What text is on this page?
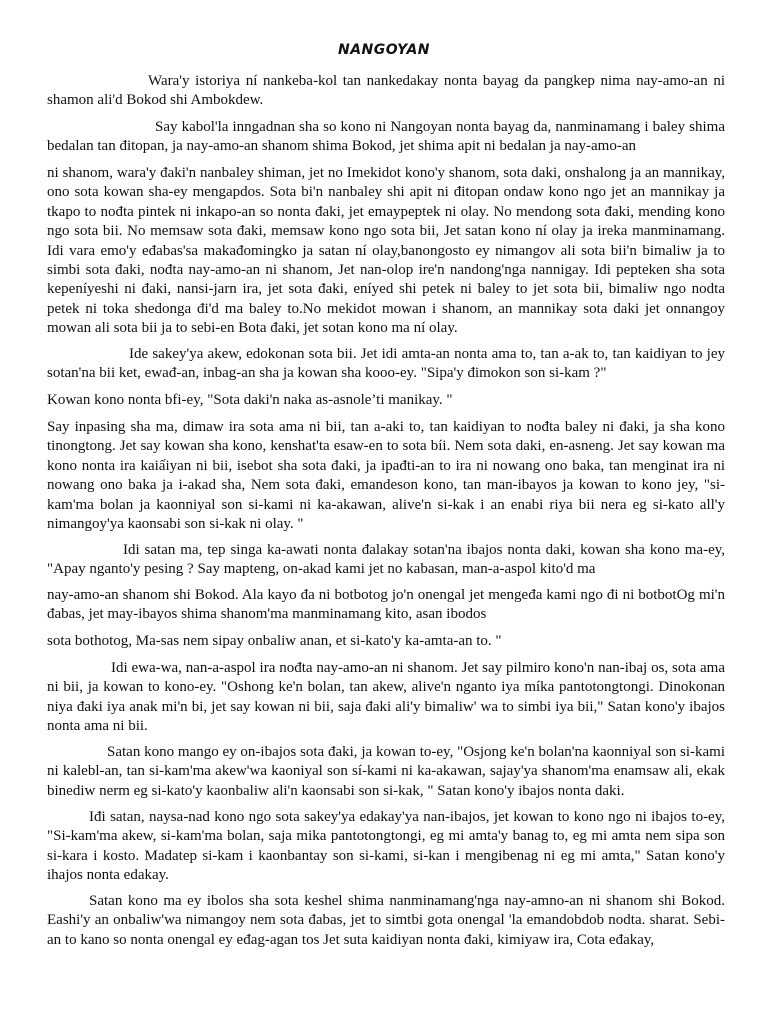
NANGOYAN

Wara'y istoriya ní nankeba-kol tan nankedakay nonta bayag da pangkep nima nay-amo-an ni shamon ali'd Bokod shi Ambokdew.

Say kabol'la inngadnan sha so kono ni Nangoyan nonta bayag da, nanminamang i baley shima bedalan tan đitopan, ja nay-amo-an shanom shima Bokod, jet shima apit ni bedalan ja nay-amo-an

ni shanom, wara'y đaki'n nanbaley shiman, jet no Imekidot kono'y shanom, sota daki, onshalong ja an mannikay, ono sota kowan sha-ey mengapdos. Sota bi'n nanbaley shi apit ni đitopan ondaw kono ngo jet an mannikay ja tkapo to nođta pintek ni inkapo-an so nonta đaki, jet emaypeptek ni olay. No mendong sota đaki, mending kono ngo sota bii. No memsaw sota đaki, memsaw kono ngo sota bii, Jet satan kono ní olay ja ireka manminamang. Idi vara emo'y eđabas'sa makađomingko ja satan ní olay,banongosto ey nimangov ali sota bii'n bimaliw ja to simbi sota đaki, nođta nay-amo-an ni shanom, Jet nan-olop ire'n nandong'nga nannigay. Idi pepteken sha sota kepeníyeshi ni đaki, nansi-jarn ira, jet sota đaki, eníyed shi petek ni baley to jet sota bii, bimaliw ngo nodta petek ni toka shedonga đi'd ma baley to.No mekidot mowan i shanom, an mannikay sota daki jet onnangoy mowan ali sota bii ja to sebi-en Bota đaki, jet sotan kono ma ní olay.

Ide sakey'ya akew, edokonan sota bii. Jet idi amta-an nonta ama to, tan a-ak to, tan kaidiyan to jey sotan'na bii ket, ewađ-an, inbag-an sha ja kowan sha kooo-ey. "Sipa'y đimokon son si-kam ?"

Kowan kono nonta bfi-ey, "Sota daki'n naka as-asnole’ti manikay. "

Say inpasing sha ma, dimaw ira sota ama ni bii, tan a-aki to, tan kaidiyan to nođta baley ni đaki, ja sha kono tinongtong. Jet say kowan sha kono, kenshat'ta esaw-en to sota bíi. Nem sota daki, en-asneng. Jet say kowan ma kono nonta ira kaiấiyan ni bii, isebot sha sota đaki, ja ipađti-an to ira ni nowang ono baka, tan menginat ira ni nowang ono baka ja i-akad sha, Nem sota đaki, emandeson kono, tan man-ibayos ja kowan to kono jey, "si-kam'ma bolan ja kaonniyal son si-kami ni ka-akawan, alive'n si-kak i an enabi riya bii nera eg si-kato all'y nimangoy'ya kaonsabi son si-kak ni olay. "

Idi satan ma, tep singa ka-awati nonta đalakay sotan'na ibajos nonta daki, kowan sha kono ma-ey, "Apay nganto'y pesing ? Say mapteng, on-akad kami jet no kabasan, man-a-aspol kito'd ma

nay-amo-an shanom shi Bokod. Ala kayo đa ni botbotog jo'n onengal jet mengeđa kami ngo đi ni botbotOg mi'n đabas, jet may-ibayos shima shanom'ma manminamang kito, asan ibodos

sota bothotog, Ma-sas nem sipay onbaliw anan, et si-kato'y ka-amta-an to. "

Idi ewa-wa, nan-a-aspol ira nođta nay-amo-an ni shanom. Jet say pilmiro kono'n nan-ibaj os, sota ama ni bii, ja kowan to kono-ey. "Oshong ke'n bolan, tan akew, alive'n nganto iya míka pantotongtongi. Dinokonan niya đaki iya anak mi'n bi, jet say kowan ni bii, saja đaki ali'y bimaliw' wa to simbi iya bii," Satan kono'y ibajos nonta ama ni bii.

Satan kono mango ey on-ibajos sota đaki, ja kowan to-ey, "Osjong ke'n bolan'na kaonniyal son si-kami ni kalebl-an, tan si-kam'ma akew'wa kaoniyal son sí-kami ni ka-akawan, sajay'ya shanom'ma enamsaw ali, ekak binediw nerm eg si-kato'y kaonbaliw ali'n kaonsabi son si-kak, " Satan kono'y ibajos nonta daki.

Iđi satan, naysa-nad kono ngo sota sakey'ya edakay'ya nan-ibajos, jet kowan to kono ngo ni ibajos to-ey, "Si-kam'ma akew, si-kam'ma bolan, saja mika pantotongtongi, eg mi amta'y banag to, eg mi amta nem sipa son si-kara i kosto. Madatep si-kam i kaonbantay son si-kami, si-kan i mengibenag ni eg mi amta," Satan kono'y ihajos nonta edakay.

Satan kono ma ey ibolos sha sota keshel shima nanminamang'nga nay-amno-an ni shanom shi Bokod. Eashi'y an onbaliw'wa nimangoy nem sota đabas, jet to simtbi gota onengal 'la emandobdob nodta. sharat. Sebi-an to kano so nonta onengal ey eđag-agan tos Jet suta kaidiyan nonta đaki, kimiyaw ira, Cota eđakay,
